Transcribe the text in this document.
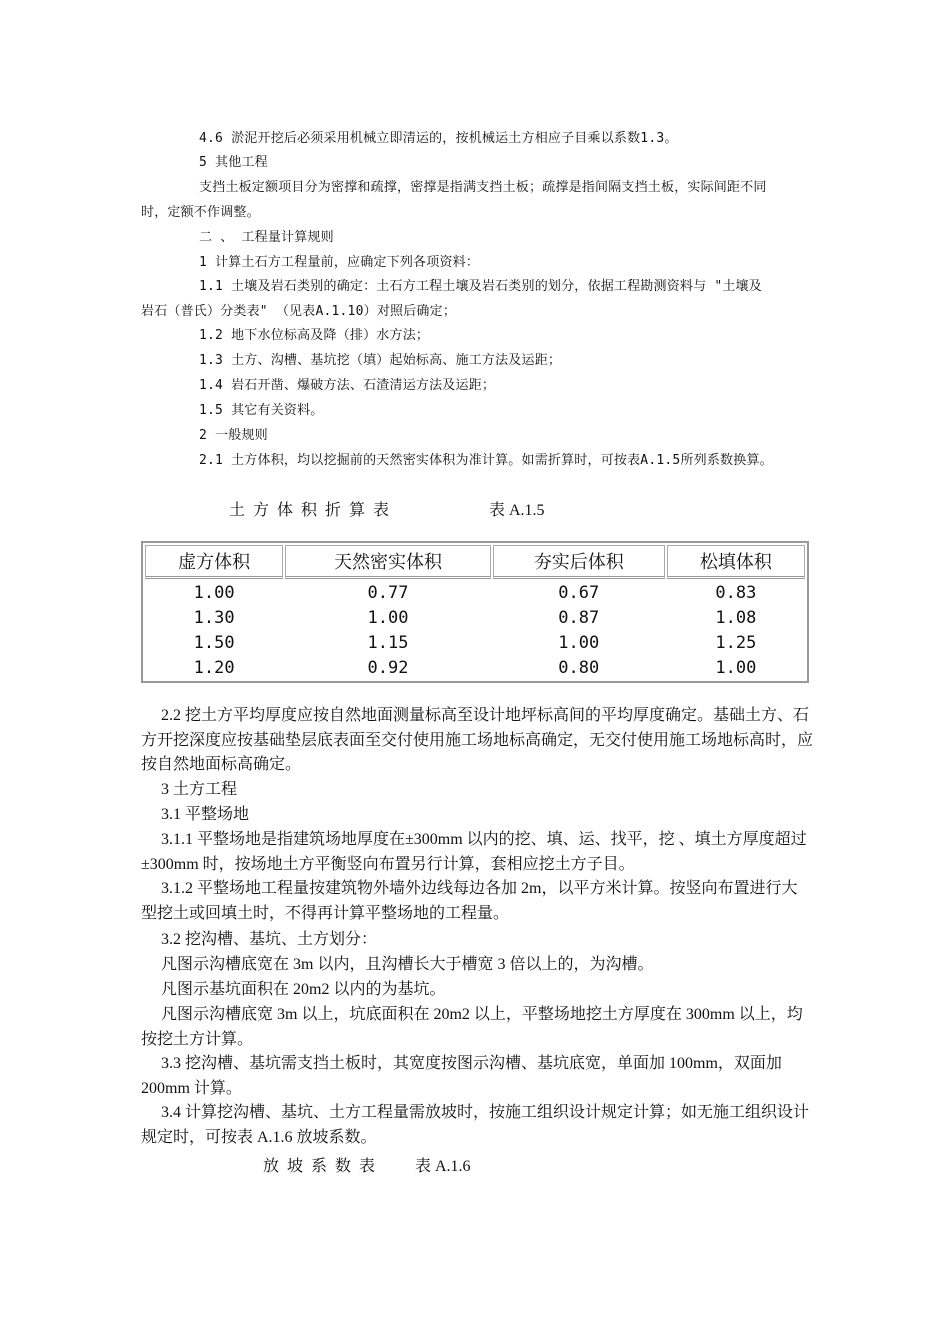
4.6 淤泥开挖后必须采用机械立即清运的，按机械运土方相应子目乘以系数1.3。
5 其他工程
支挡土板定额项目分为密撑和疏撑，密撑是指满支挡土板；疏撑是指间隔支挡土板，实际间距不同
时，定额不作调整。
二 、 工程量计算规则
1 计算土石方工程量前，应确定下列各项资料：
1.1 土壤及岩石类别的确定：土石方工程土壤及岩石类别的划分，依据工程勘测资料与 "土壤及
岩石（普氏）分类表" （见表A.1.10）对照后确定；
1.2 地下水位标高及降（排）水方法；
1.3 土方、沟槽、基坑挖（填）起始标高、施工方法及运距；
1.4 岩石开凿、爆破方法、石渣清运方法及运距；
1.5 其它有关资料。
2 一般规则
2.1 土方体积，均以挖掘前的天然密实体积为准计算。如需折算时，可按表A.1.5所列系数换算。
土 方 体 积 折 算 表	表 A.1.5
虚方体积	天然密实体积	夯实后体积	松填体积
1.00	0.77	0.67	0.83
1.30	1.00	0.87	1.08
1.50	1.15	1.00	1.25
1.20	0.92	0.80	1.00
2.2 挖土方平均厚度应按自然地面测量标高至设计地坪标高间的平均厚度确定。基础土方、石方开挖深度应按基础垫层底表面至交付使用施工场地标高确定，无交付使用施工场地标高时，应按自然地面标高确定。
3 土方工程
3.1 平整场地
3.1.1 平整场地是指建筑场地厚度在±300mm 以内的挖、填、运、找平，挖 、填土方厚度超过±300mm 时，按场地土方平衡竖向布置另行计算，套相应挖土方子目。
3.1.2 平整场地工程量按建筑物外墙外边线每边各加 2m，以平方米计算。按竖向布置进行大型挖土或回填土时，不得再计算平整场地的工程量。
3.2 挖沟槽、基坑、土方划分：
凡图示沟槽底宽在 3m 以内，且沟槽长大于槽宽 3 倍以上的，为沟槽。
凡图示基坑面积在 20m2 以内的为基坑。
凡图示沟槽底宽 3m 以上，坑底面积在 20m2 以上，平整场地挖土方厚度在 300mm 以上，均按挖土方计算。
3.3 挖沟槽、基坑需支挡土板时，其宽度按图示沟槽、基坑底宽，单面加 100mm，双面加 200mm 计算。
3.4 计算挖沟槽、基坑、土方工程量需放坡时，按施工组织设计规定计算；如无施工组织设计规定时，可按表 A.1.6 放坡系数。
放 坡 系 数 表 表 A.1.6
